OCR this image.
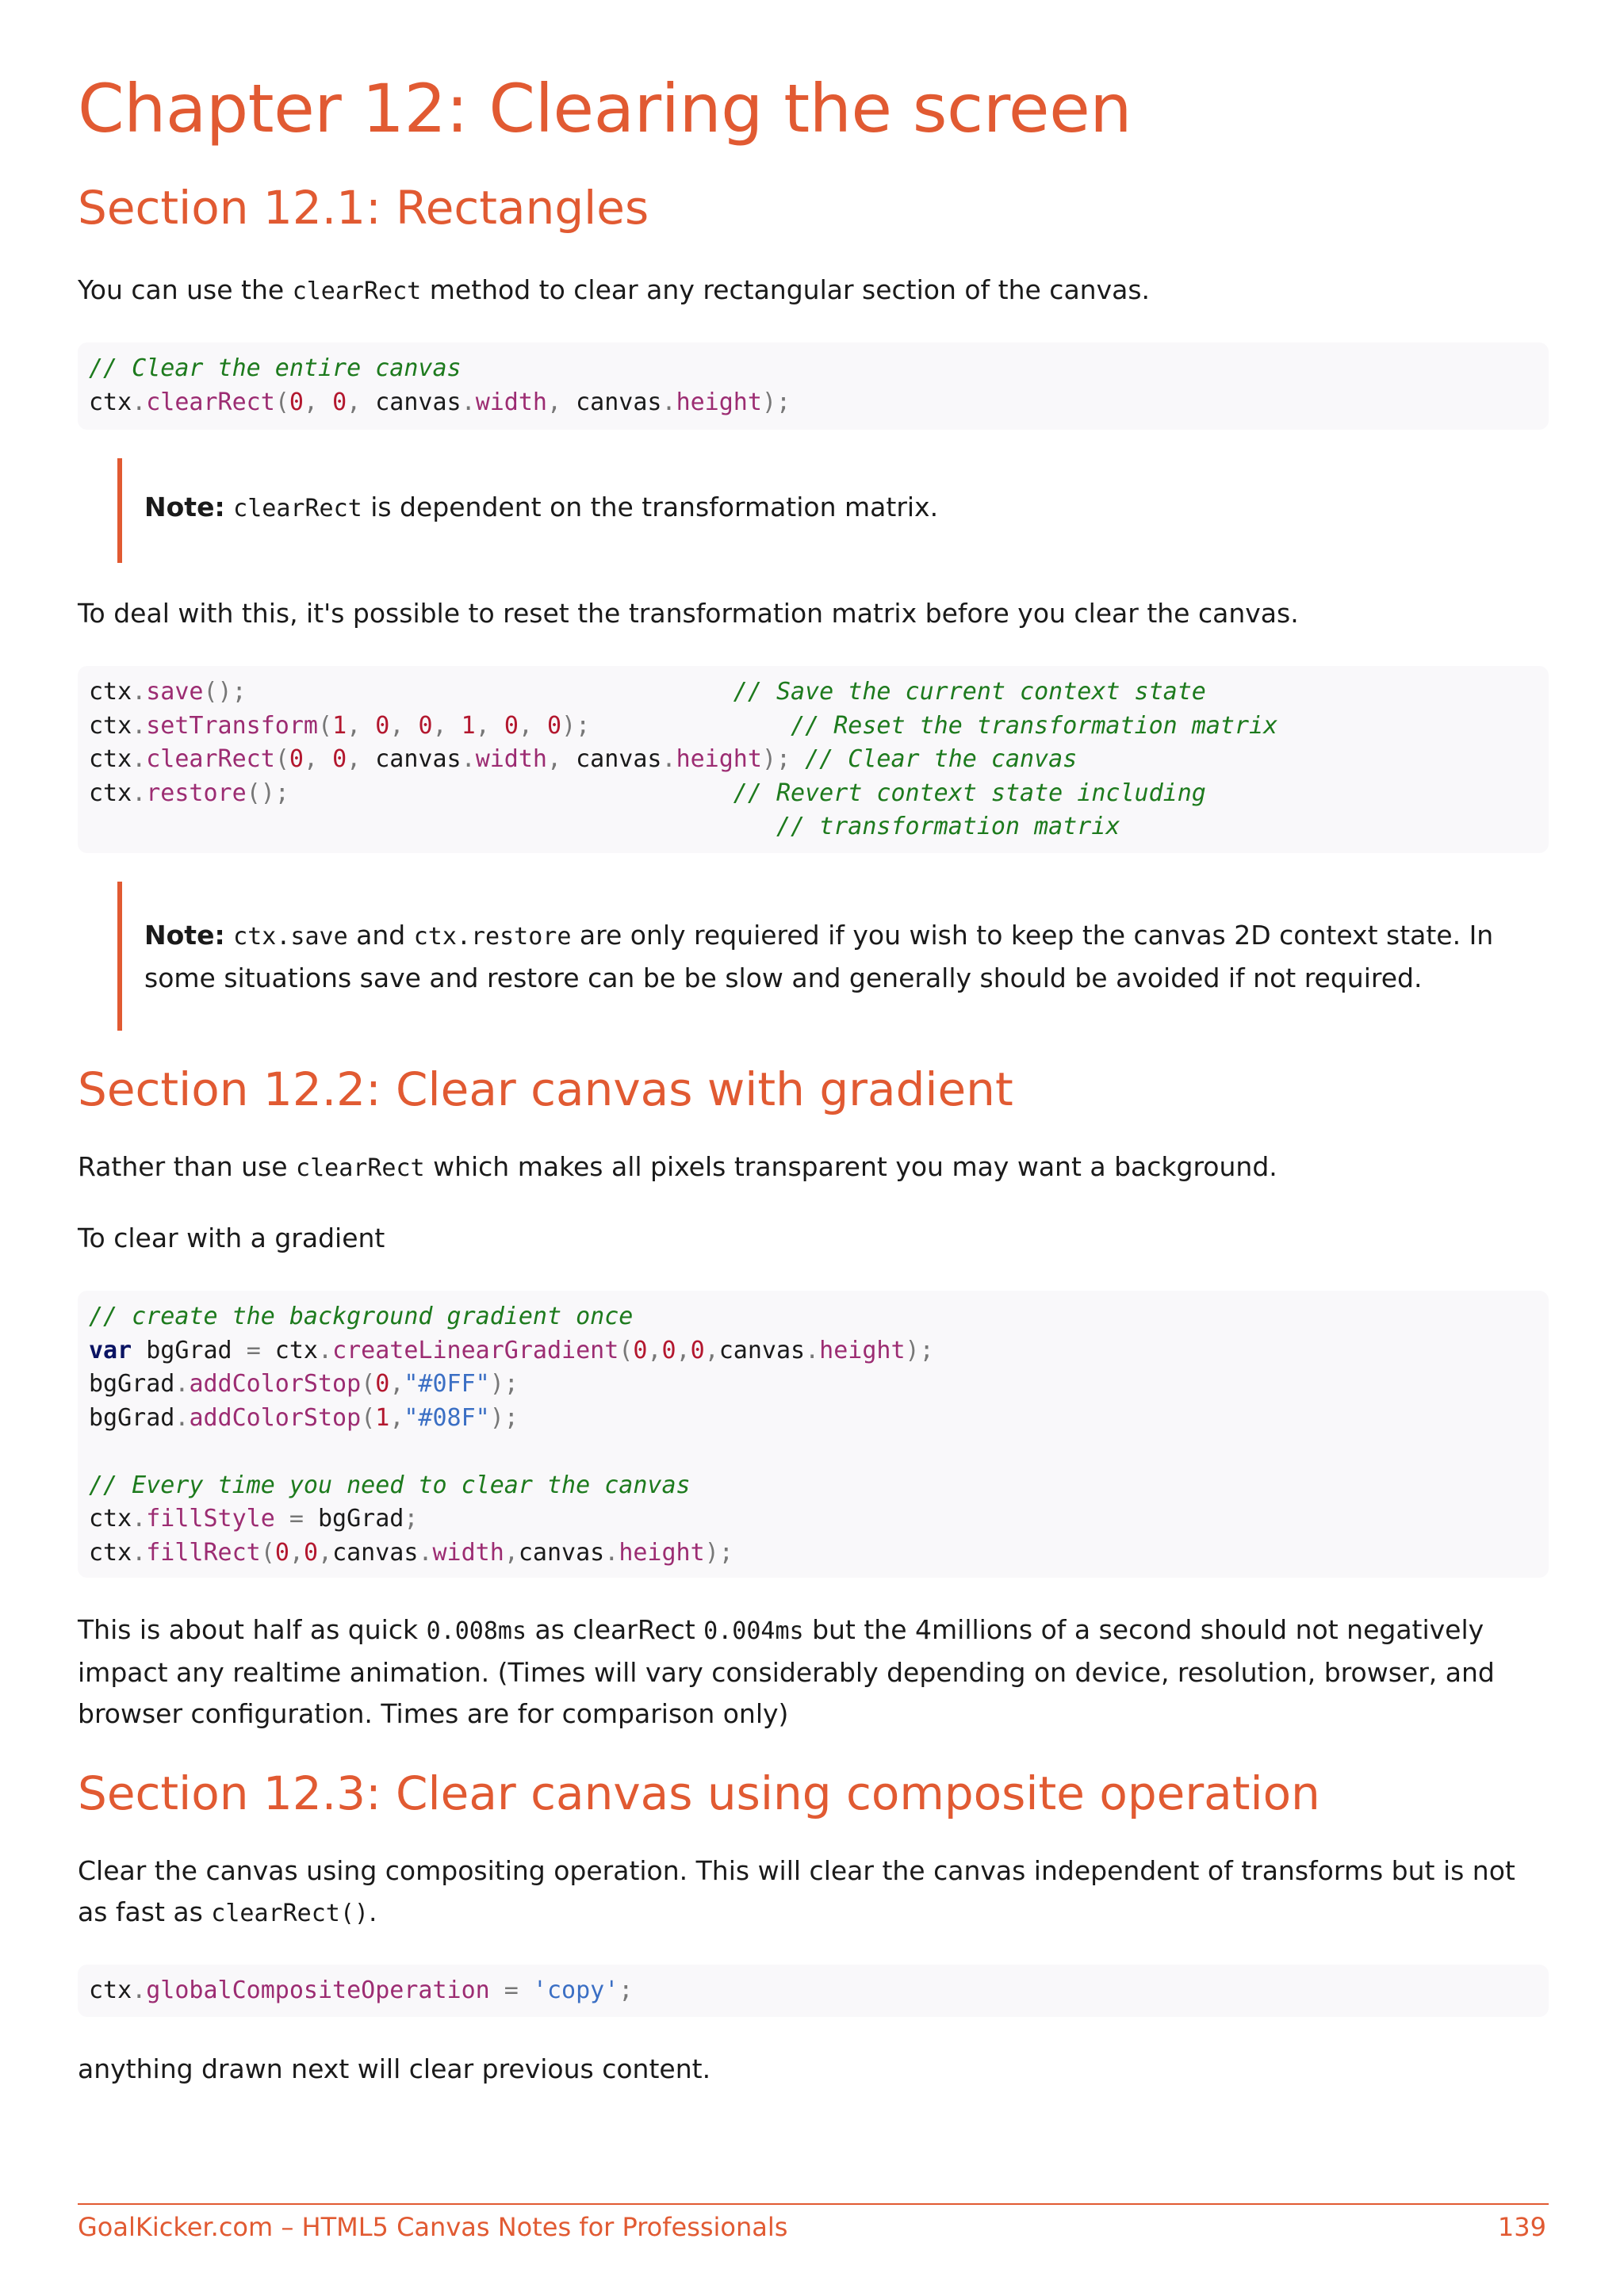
Chapter 12: Clearing the screen
Section 12.1: Rectangles

You can use the clearRect method to clear any rectangular section of the canvas.

// Clear the entire canvas
ctx.clearRect(0, 0, canvas.width, canvas.height);

Note: clearRect is dependent on the transformation matrix.

To deal with this, it's possible to reset the transformation matrix before you clear the canvas.

ctx.save();	// Save the current context state
ctx.setTransform(1, 0, 0, 1, 0, 0);	// Reset the transformation matrix
ctx.clearRect(0, 0, canvas.width, canvas.height); // Clear the canvas
ctx.restore();	// Revert context state including
// transformation matrix

Note: ctx.save and ctx.restore are only requiered if you wish to keep the canvas 2D context state. In some situations save and restore can be be slow and generally should be avoided if not required.

Section 12.2: Clear canvas with gradient

Rather than use clearRect which makes all pixels transparent you may want a background.

To clear with a gradient

// create the background gradient once
var bgGrad = ctx.createLinearGradient(0,0,0,canvas.height);
bgGrad.addColorStop(0,"#0FF");
bgGrad.addColorStop(1,"#08F");

// Every time you need to clear the canvas
ctx.fillStyle = bgGrad;
ctx.fillRect(0,0,canvas.width,canvas.height);

This is about half as quick 0.008ms as clearRect 0.004ms but the 4millions of a second should not negatively impact any realtime animation. (Times will vary considerably depending on device, resolution, browser, and browser configuration. Times are for comparison only)

Section 12.3: Clear canvas using composite operation

Clear the canvas using compositing operation. This will clear the canvas independent of transforms but is not as fast as clearRect().

ctx.globalCompositeOperation = 'copy';

anything drawn next will clear previous content.

GoalKicker.com – HTML5 Canvas Notes for Professionals	139
